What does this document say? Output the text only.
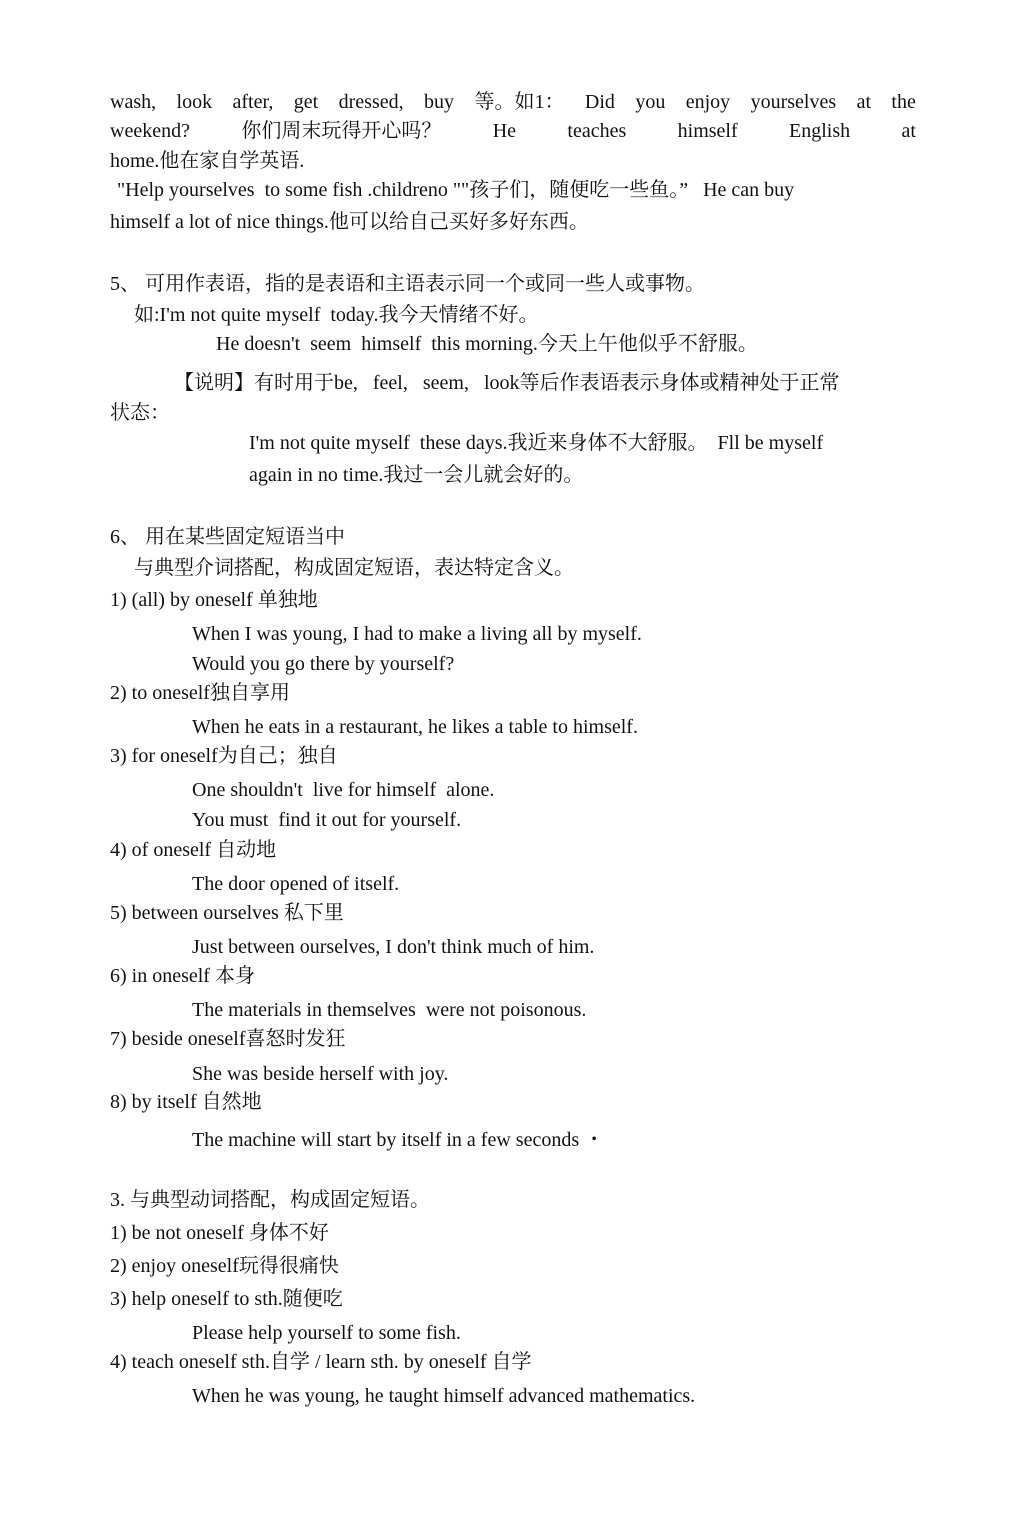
wash, look after, get dressed, buy 等。如1： Did you enjoy yourselves at the
weekend?	你们周末玩得开心吗？	He	teaches	himself	English	at
home.他在家自学英语.
"Help yourselves  to some fish .childreno ""孩子们，随便吃一些鱼。”   He can buy
himself a lot of nice things.他可以给自己买好多好东西。
5、 可用作表语，指的是表语和主语表示同一个或同一些人或事物。
如:I'm not quite myself  today.我今天情绪不好。
He doesn't  seem  himself  this morning.今天上午他似乎不舒服。
【说明】有时用于be,   feel,   seem,   look等后作表语表示身体或精神处于正常
状态：
I'm not quite myself  these days.我近来身体不大舒服。  Fll be myself
again in no time.我过一会儿就会好的。
6、 用在某些固定短语当中
与典型介词搭配，构成固定短语，表达特定含义。
1) (all) by oneself 单独地
When I was young, I had to make a living all by myself.
Would you go there by yourself?
2) to oneself独自享用
When he eats in a restaurant, he likes a table to himself.
3) for oneself为自己；独自
One shouldn't  live for himself  alone.
You must  find it out for yourself.
4) of oneself 自动地
The door opened of itself.
5) between ourselves 私下里
Just between ourselves, I don't think much of him.
6) in oneself 本身
The materials in themselves  were not poisonous.
7) beside oneself喜怒时发狂
She was beside herself with joy.
8) by itself 自然地
The machine will start by itself in a few seconds ・
3. 与典型动词搭配，构成固定短语。
1) be not oneself 身体不好
2) enjoy oneself玩得很痛快
3) help oneself to sth.随便吃
Please help yourself to some fish.
4) teach oneself sth.自学 / learn sth. by oneself 自学
When he was young, he taught himself advanced mathematics.
